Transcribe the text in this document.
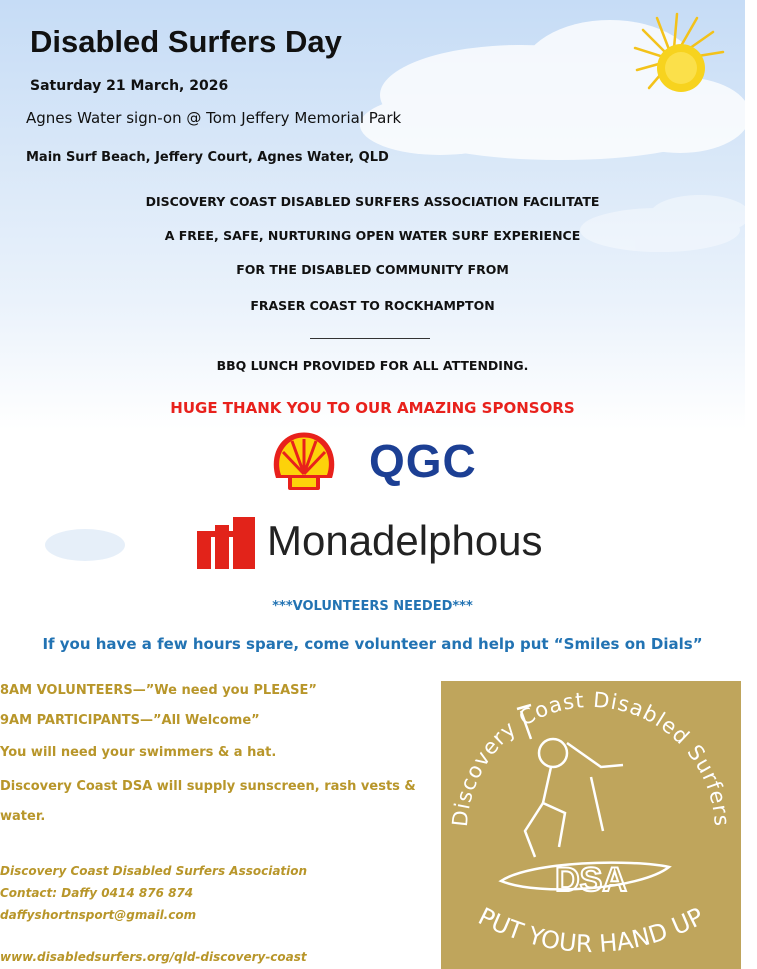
Disabled Surfers Day
Saturday 21 March, 2026
Agnes Water sign-on @ Tom Jeffery Memorial Park
Main Surf Beach, Jeffery Court, Agnes Water, QLD
DISCOVERY COAST DISABLED SURFERS ASSOCIATION FACILITATE
A FREE, SAFE, NURTURING OPEN WATER SURF EXPERIENCE
FOR THE DISABLED COMMUNITY FROM
FRASER COAST TO ROCKHAMPTON
BBQ LUNCH PROVIDED FOR ALL ATTENDING.
HUGE THANK YOU TO OUR AMAZING SPONSORS
QGC
Monadelphous
***VOLUNTEERS NEEDED***
If you have a few hours spare, come volunteer and help put “Smiles on Dials”
8AM VOLUNTEERS—”We need you PLEASE”
9AM PARTICIPANTS—”All Welcome”
You will need your swimmers & a hat.
Discovery Coast DSA will supply sunscreen, rash vests &
water.
Discovery Coast Disabled Surfers Association
Contact: Daffy 0414 876 874
daffyshortnsport@gmail.com
www.disabledsurfers.org/qld-discovery-coast
Discovery Coast Disabled Surfers
DSA
PUT YOUR HAND UP
